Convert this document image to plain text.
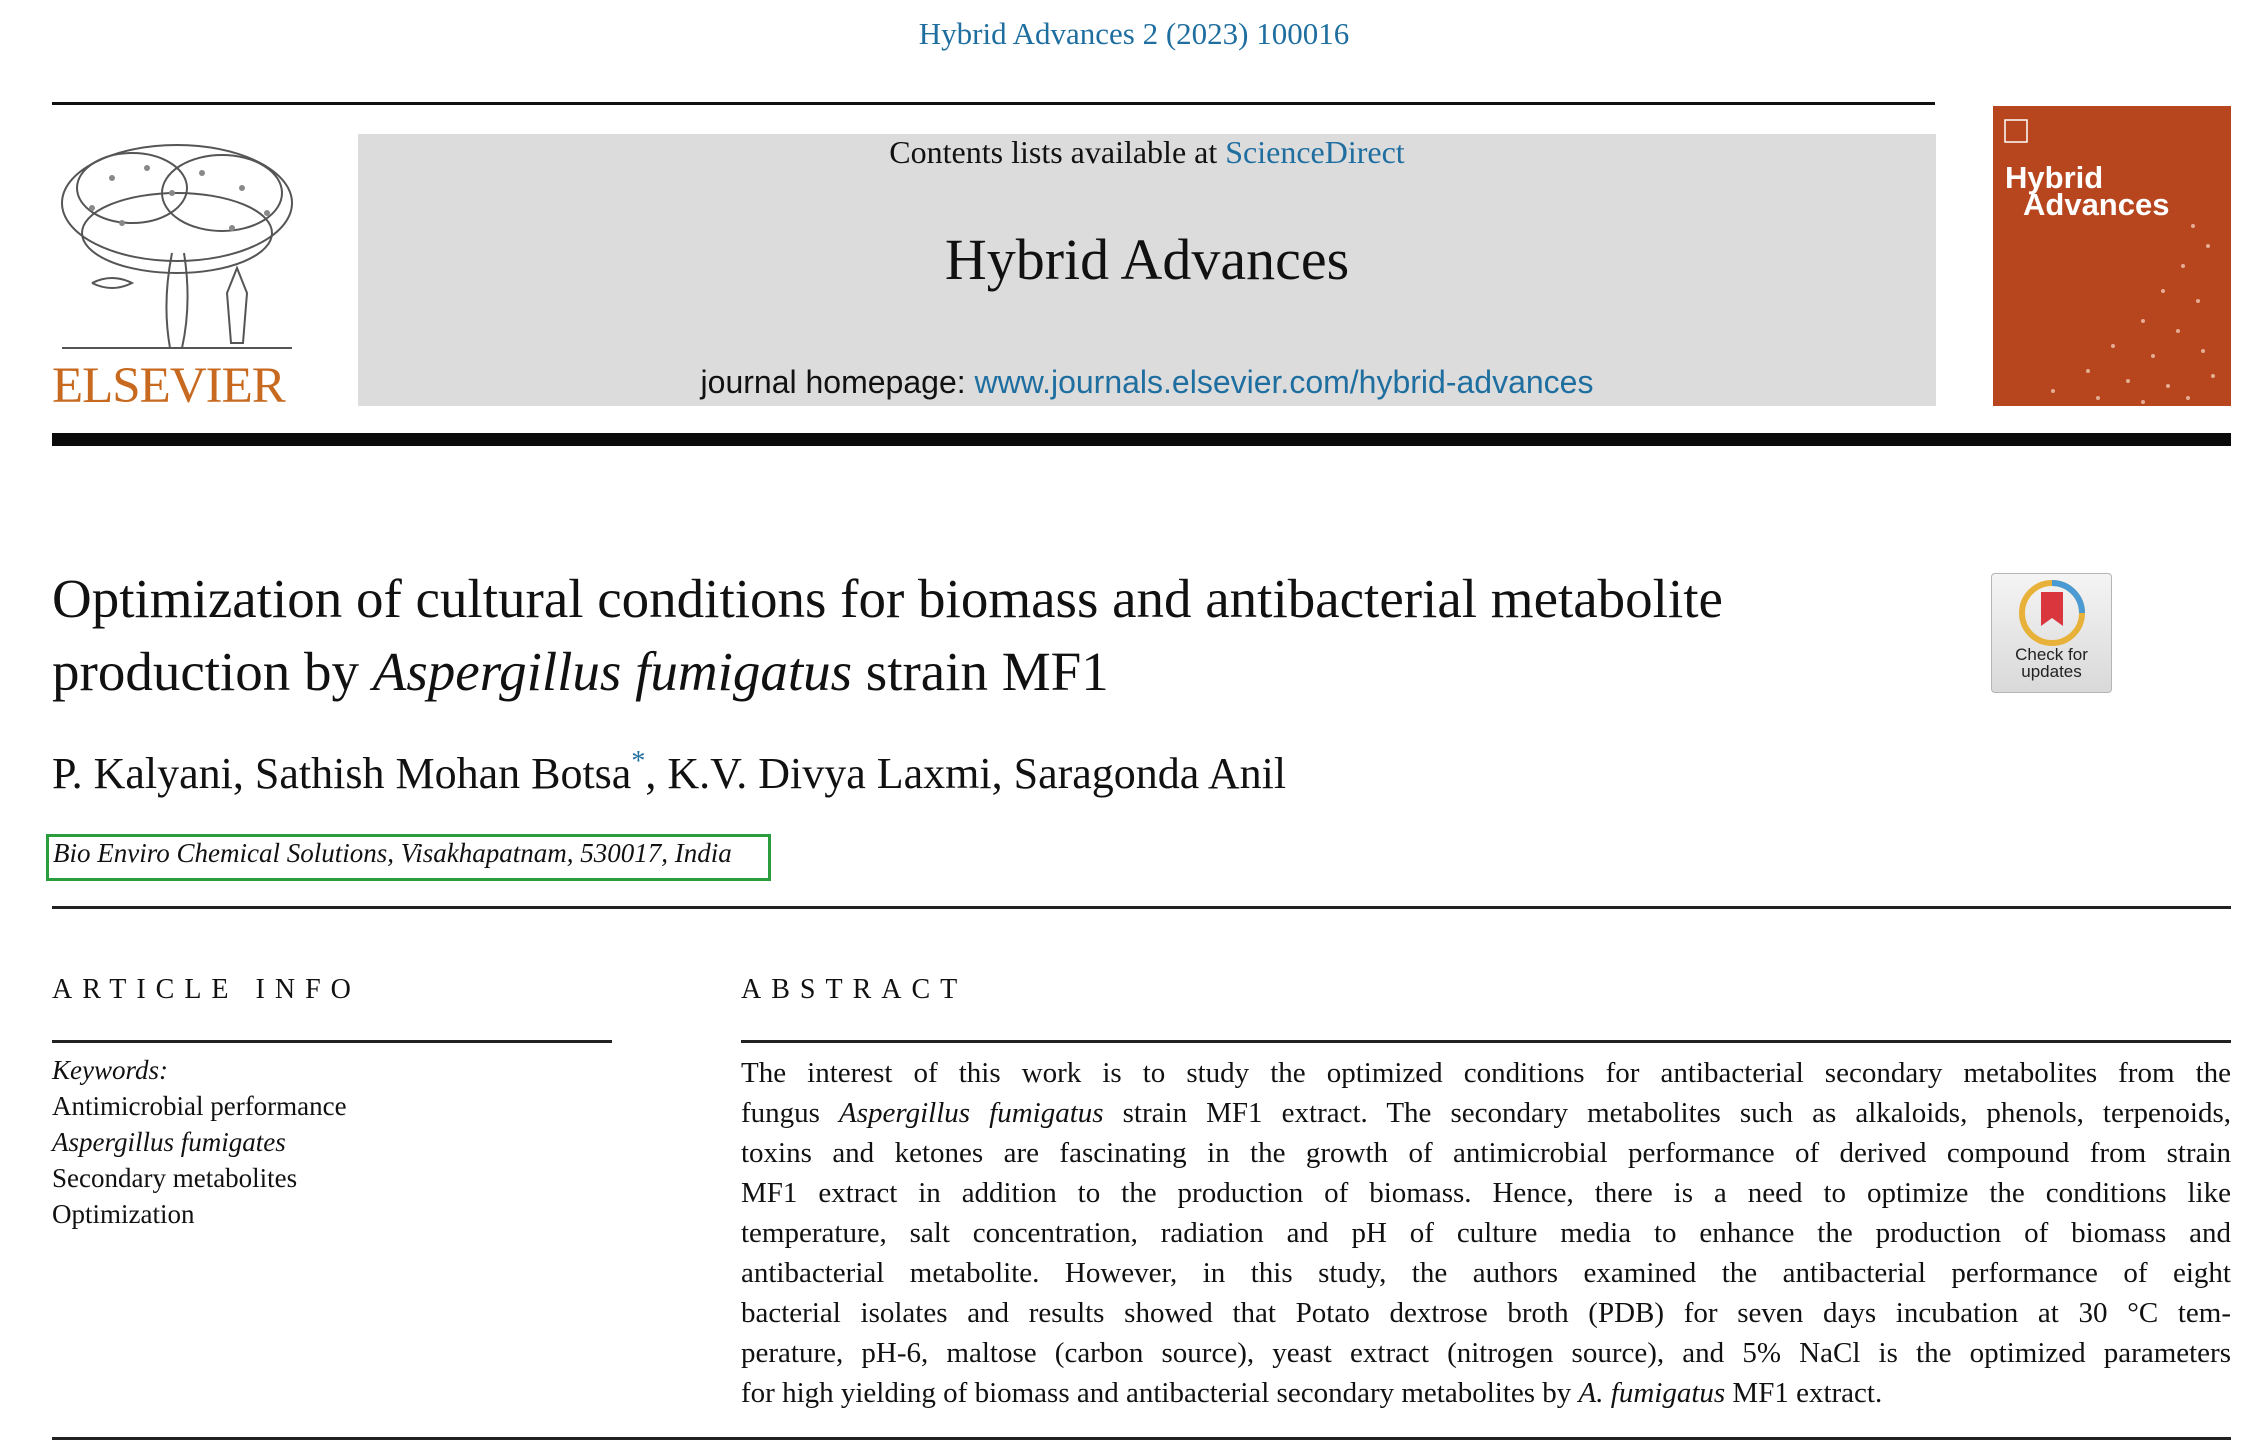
Hybrid Advances 2 (2023) 100016
ELSEVIER
Contents lists available at ScienceDirect
Hybrid Advances
journal homepage: www.journals.elsevier.com/hybrid-advances
Hybrid
Advances
Optimization of cultural conditions for biomass and antibacterial metabolite
production by Aspergillus fumigatus strain MF1	Check for
updates
P. Kalyani, Sathish Mohan Botsa*, K.V. Divya Laxmi, Saragonda Anil
Bio Enviro Chemical Solutions, Visakhapatnam, 530017, India
ARTICLE INFO	ABSTRACT
Keywords:
Antimicrobial performance
Aspergillus fumigates
Secondary metabolites
Optimization
The interest of this work is to study the optimized conditions for antibacterial secondary metabolites from the
fungus Aspergillus fumigatus strain MF1 extract. The secondary metabolites such as alkaloids, phenols, terpenoids,
toxins and ketones are fascinating in the growth of antimicrobial performance of derived compound from strain
MF1 extract in addition to the production of biomass. Hence, there is a need to optimize the conditions like
temperature, salt concentration, radiation and pH of culture media to enhance the production of biomass and
antibacterial metabolite. However, in this study, the authors examined the antibacterial performance of eight
bacterial isolates and results showed that Potato dextrose broth (PDB) for seven days incubation at 30 °C tem-
perature, pH-6, maltose (carbon source), yeast extract (nitrogen source), and 5% NaCl is the optimized parameters
for high yielding of biomass and antibacterial secondary metabolites by A. fumigatus MF1 extract.
